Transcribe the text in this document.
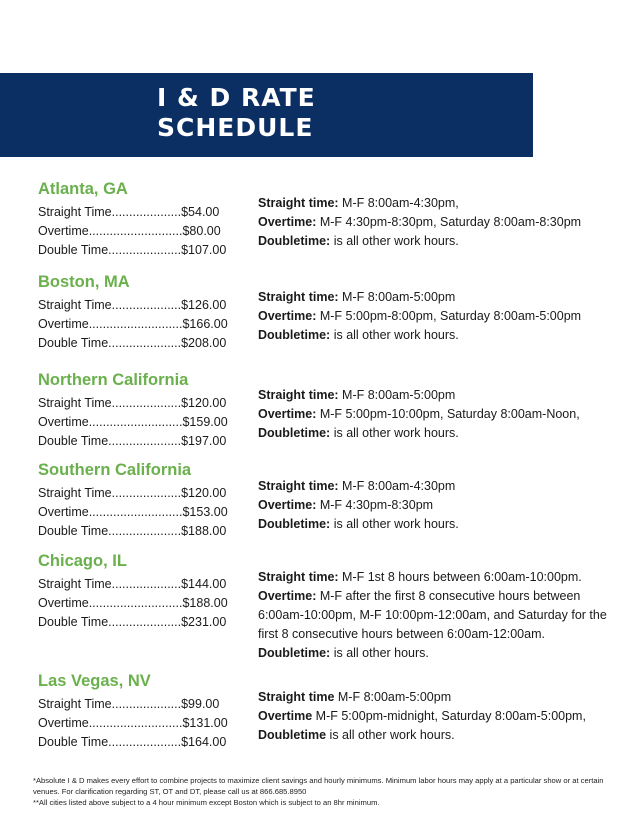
I & D RATE
SCHEDULE
Atlanta, GA
Straight Time....................$54.00
Overtime...........................$80.00
Double Time.....................$107.00
Straight time: M-F 8:00am-4:30pm,
Overtime: M-F 4:30pm-8:30pm, Saturday 8:00am-8:30pm
Doubletime: is all other work hours.
Boston, MA
Straight Time....................$126.00
Overtime...........................$166.00
Double Time.....................$208.00
Straight time: M-F 8:00am-5:00pm
Overtime: M-F 5:00pm-8:00pm, Saturday 8:00am-5:00pm
Doubletime: is all other work hours.
Northern California
Straight Time....................$120.00
Overtime...........................$159.00
Double Time.....................$197.00
Straight time: M-F 8:00am-5:00pm
Overtime: M-F 5:00pm-10:00pm, Saturday 8:00am-Noon,
Doubletime: is all other work hours.
Southern California
Straight Time....................$120.00
Overtime...........................$153.00
Double Time.....................$188.00
Straight time: M-F 8:00am-4:30pm
Overtime: M-F 4:30pm-8:30pm
Doubletime: is all other work hours.
Chicago, IL
Straight Time....................$144.00
Overtime...........................$188.00
Double Time.....................$231.00
Straight time: M-F 1st 8 hours between 6:00am-10:00pm.
Overtime: M-F after the first 8 consecutive hours between 6:00am-10:00pm, M-F 10:00pm-12:00am, and Saturday for the first 8 consecutive hours between 6:00am-12:00am.
Doubletime: is all other hours.
Las Vegas, NV
Straight Time....................$99.00
Overtime...........................$131.00
Double Time.....................$164.00
Straight time M-F 8:00am-5:00pm
Overtime M-F 5:00pm-midnight, Saturday 8:00am-5:00pm,
Doubletime is all other work hours.
*Absolute I & D makes every effort to combine projects to maximize client savings and hourly minimums. Minimum labor hours may apply at a particular show or at certain venues. For clarification regarding ST, OT and DT, please call us at 866.685.8950
**All cities listed above subject to a 4 hour minimum except Boston which is subject to an 8hr minimum.
